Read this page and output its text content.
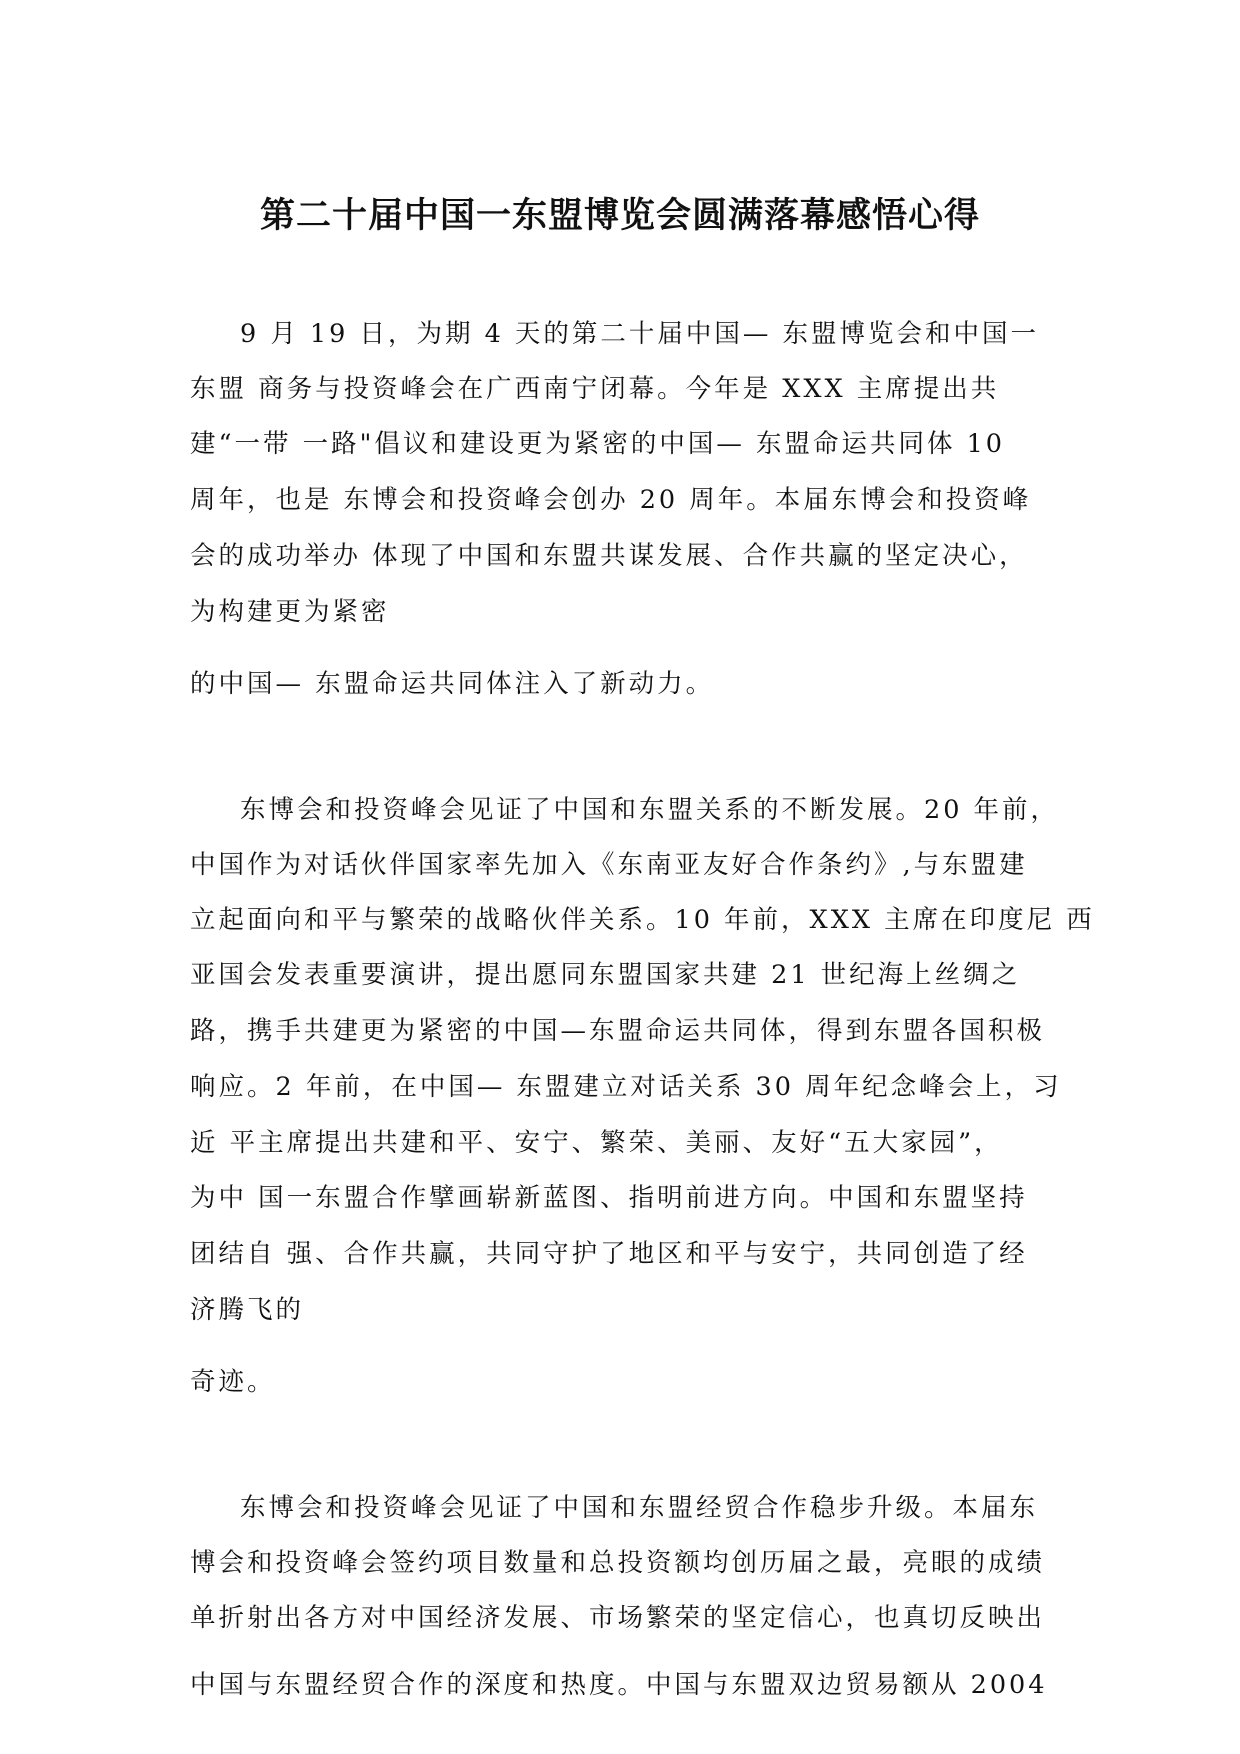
第二十届中国一东盟博览会圆满落幕感悟心得

9 月 19 日，为期 4 天的第二十届中国— 东盟博览会和中国一

东盟 商务与投资峰会在广西南宁闭幕。今年是 XXX 主席提出共

建“一带 一路"倡议和建设更为紧密的中国— 东盟命运共同体 10

周年，也是 东博会和投资峰会创办 20 周年。本届东博会和投资峰

会的成功举办 体现了中国和东盟共谋发展、合作共赢的坚定决心，

为构建更为紧密

的中国— 东盟命运共同体注入了新动力。

东博会和投资峰会见证了中国和东盟关系的不断发展。20 年前，

中国作为对话伙伴国家率先加入《东南亚友好合作条约》,与东盟建

立起面向和平与繁荣的战略伙伴关系。10 年前，XXX 主席在印度尼 西

亚国会发表重要演讲，提出愿同东盟国家共建 21 世纪海上丝绸之

路，携手共建更为紧密的中国—东盟命运共同体，得到东盟各国积极

响应。2 年前，在中国— 东盟建立对话关系 30 周年纪念峰会上，习

近 平主席提出共建和平、安宁、繁荣、美丽、友好“五大家园”，

为中 国一东盟合作擘画崭新蓝图、指明前进方向。中国和东盟坚持

团结自 强、合作共赢，共同守护了地区和平与安宁，共同创造了经

济腾飞的

奇迹。

东博会和投资峰会见证了中国和东盟经贸合作稳步升级。本届东

博会和投资峰会签约项目数量和总投资额均创历届之最，亮眼的成绩

单折射出各方对中国经济发展、市场繁荣的坚定信心，也真切反映出

中国与东盟经贸合作的深度和热度。中国与东盟双边贸易额从 2004
